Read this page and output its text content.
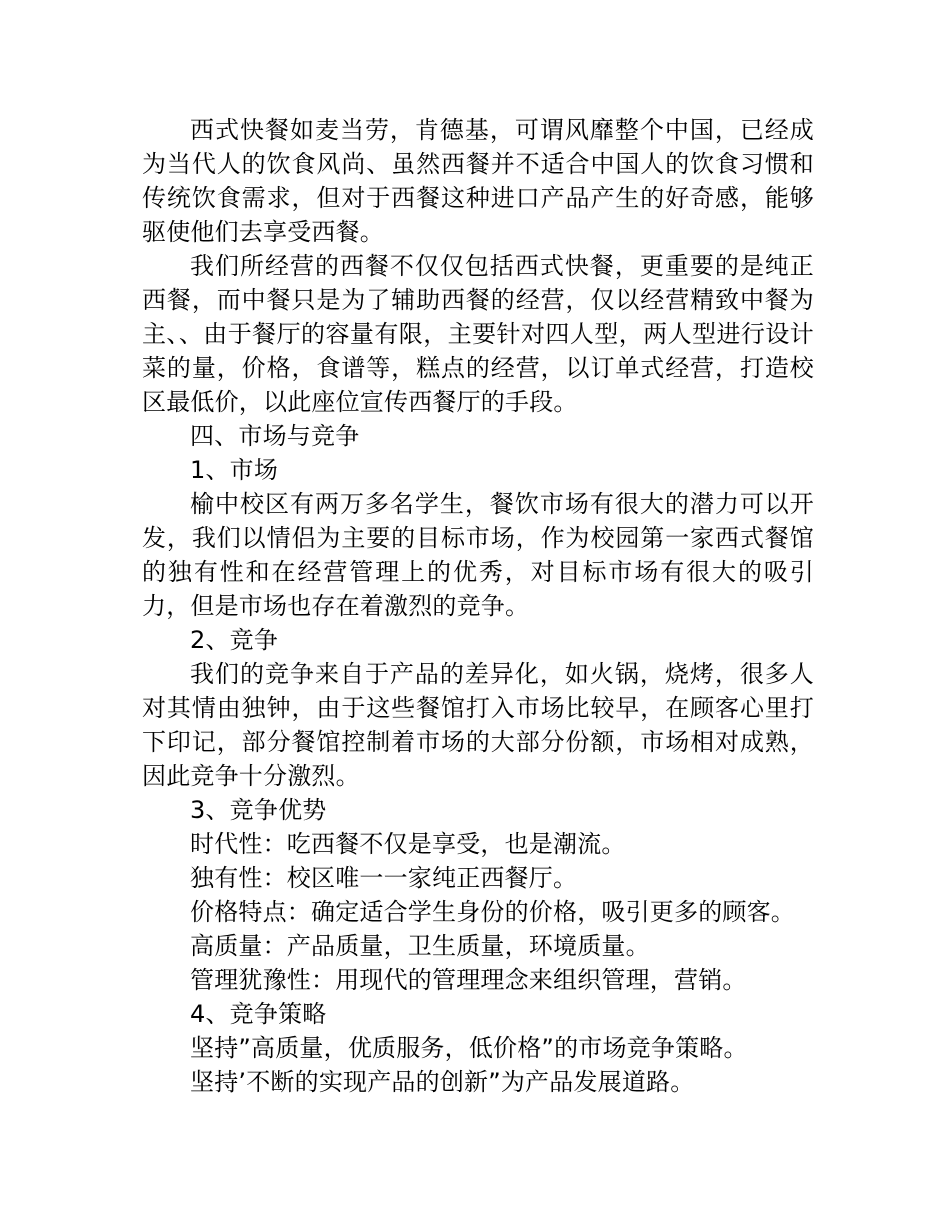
西式快餐如麦当劳，肯德基，可谓风靡整个中国，已经成为当代人的饮食风尚、虽然西餐并不适合中国人的饮食习惯和传统饮食需求，但对于西餐这种进口产品产生的好奇感，能够驱使他们去享受西餐。

我们所经营的西餐不仅仅包括西式快餐，更重要的是纯正西餐，而中餐只是为了辅助西餐的经营，仅以经营精致中餐为主、、由于餐厅的容量有限，主要针对四人型，两人型进行设计菜的量，价格，食谱等，糕点的经营，以订单式经营，打造校区最低价，以此座位宣传西餐厅的手段。

四、市场与竞争

1、市场

榆中校区有两万多名学生，餐饮市场有很大的潜力可以开发，我们以情侣为主要的目标市场，作为校园第一家西式餐馆的独有性和在经营管理上的优秀，对目标市场有很大的吸引力，但是市场也存在着激烈的竞争。

2、竞争

我们的竞争来自于产品的差异化，如火锅，烧烤，很多人对其情由独钟，由于这些餐馆打入市场比较早，在顾客心里打下印记，部分餐馆控制着市场的大部分份额，市场相对成熟，因此竞争十分激烈。

3、竞争优势

时代性：吃西餐不仅是享受，也是潮流。

独有性：校区唯一一家纯正西餐厅。

价格特点：确定适合学生身份的价格，吸引更多的顾客。

高质量：产品质量，卫生质量，环境质量。

管理犹豫性：用现代的管理理念来组织管理，营销。

4、竞争策略

坚持”高质量，优质服务，低价格”的市场竞争策略。

坚持’不断的实现产品的创新”为产品发展道路。
